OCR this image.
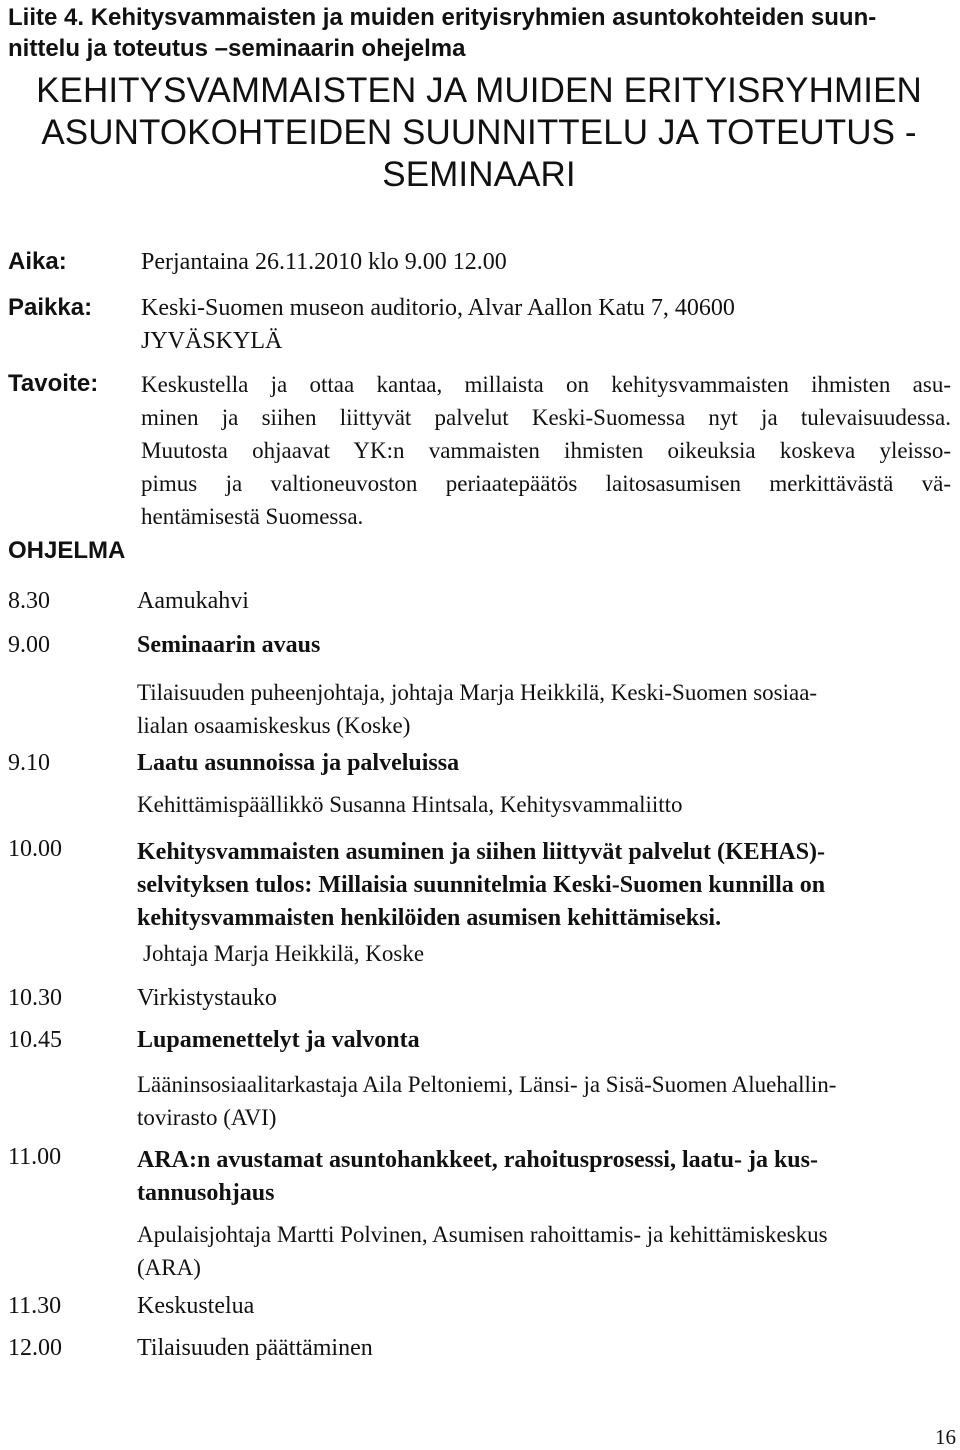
Liite 4. Kehitysvammaisten ja muiden erityisryhmien asuntokohteiden suun-
nittelu ja toteutus –seminaarin ohejelma
KEHITYSVAMMAISTEN JA MUIDEN ERITYISRYHMIEN
ASUNTOKOHTEIDEN SUUNNITTELU JA TOTEUTUS -
SEMINAARI
Aika:	Perjantaina 26.11.2010 klo 9.00 12.00
Paikka: Keski-Suomen museon auditorio, Alvar Aallon Katu 7, 40600
JYVÄSKYLÄ
Tavoite: Keskustella ja ottaa kantaa, millaista on kehitysvammaisten ihmisten asu-
minen ja siihen liittyvät palvelut Keski-Suomessa nyt ja tulevaisuudessa.
Muutosta ohjaavat YK:n vammaisten ihmisten oikeuksia koskeva yleisso-
pimus ja valtioneuvoston periaatepäätös laitosasumisen merkittävästä vä-
hentämisestä Suomessa.
OHJELMA
8.30	Aamukahvi
9.00	Seminaarin avaus
Tilaisuuden puheenjohtaja, johtaja Marja Heikkilä, Keski-Suomen sosiaa-
lialan osaamiskeskus (Koske)
9.10	Laatu asunnoissa ja palveluissa
Kehittämispäällikkö Susanna Hintsala, Kehitysvammaliitto
10.00	Kehitysvammaisten asuminen ja siihen liittyvät palvelut (KEHAS)-
selvityksen tulos: Millaisia suunnitelmia Keski-Suomen kunnilla on
kehitysvammaisten henkilöiden asumisen kehittämiseksi.
Johtaja Marja Heikkilä, Koske
10.30	Virkistystauko
10.45	Lupamenettelyt ja valvonta
Lääninsosiaalitarkastaja Aila Peltoniemi, Länsi- ja Sisä-Suomen Aluehallin-
tovirasto (AVI)
11.00	ARA:n avustamat asuntohankkeet, rahoitusprosessi, laatu- ja kus-
tannusohjaus
Apulaisjohtaja Martti Polvinen, Asumisen rahoittamis- ja kehittämiskeskus
(ARA)
11.30	Keskustelua
12.00	Tilaisuuden päättäminen
16
